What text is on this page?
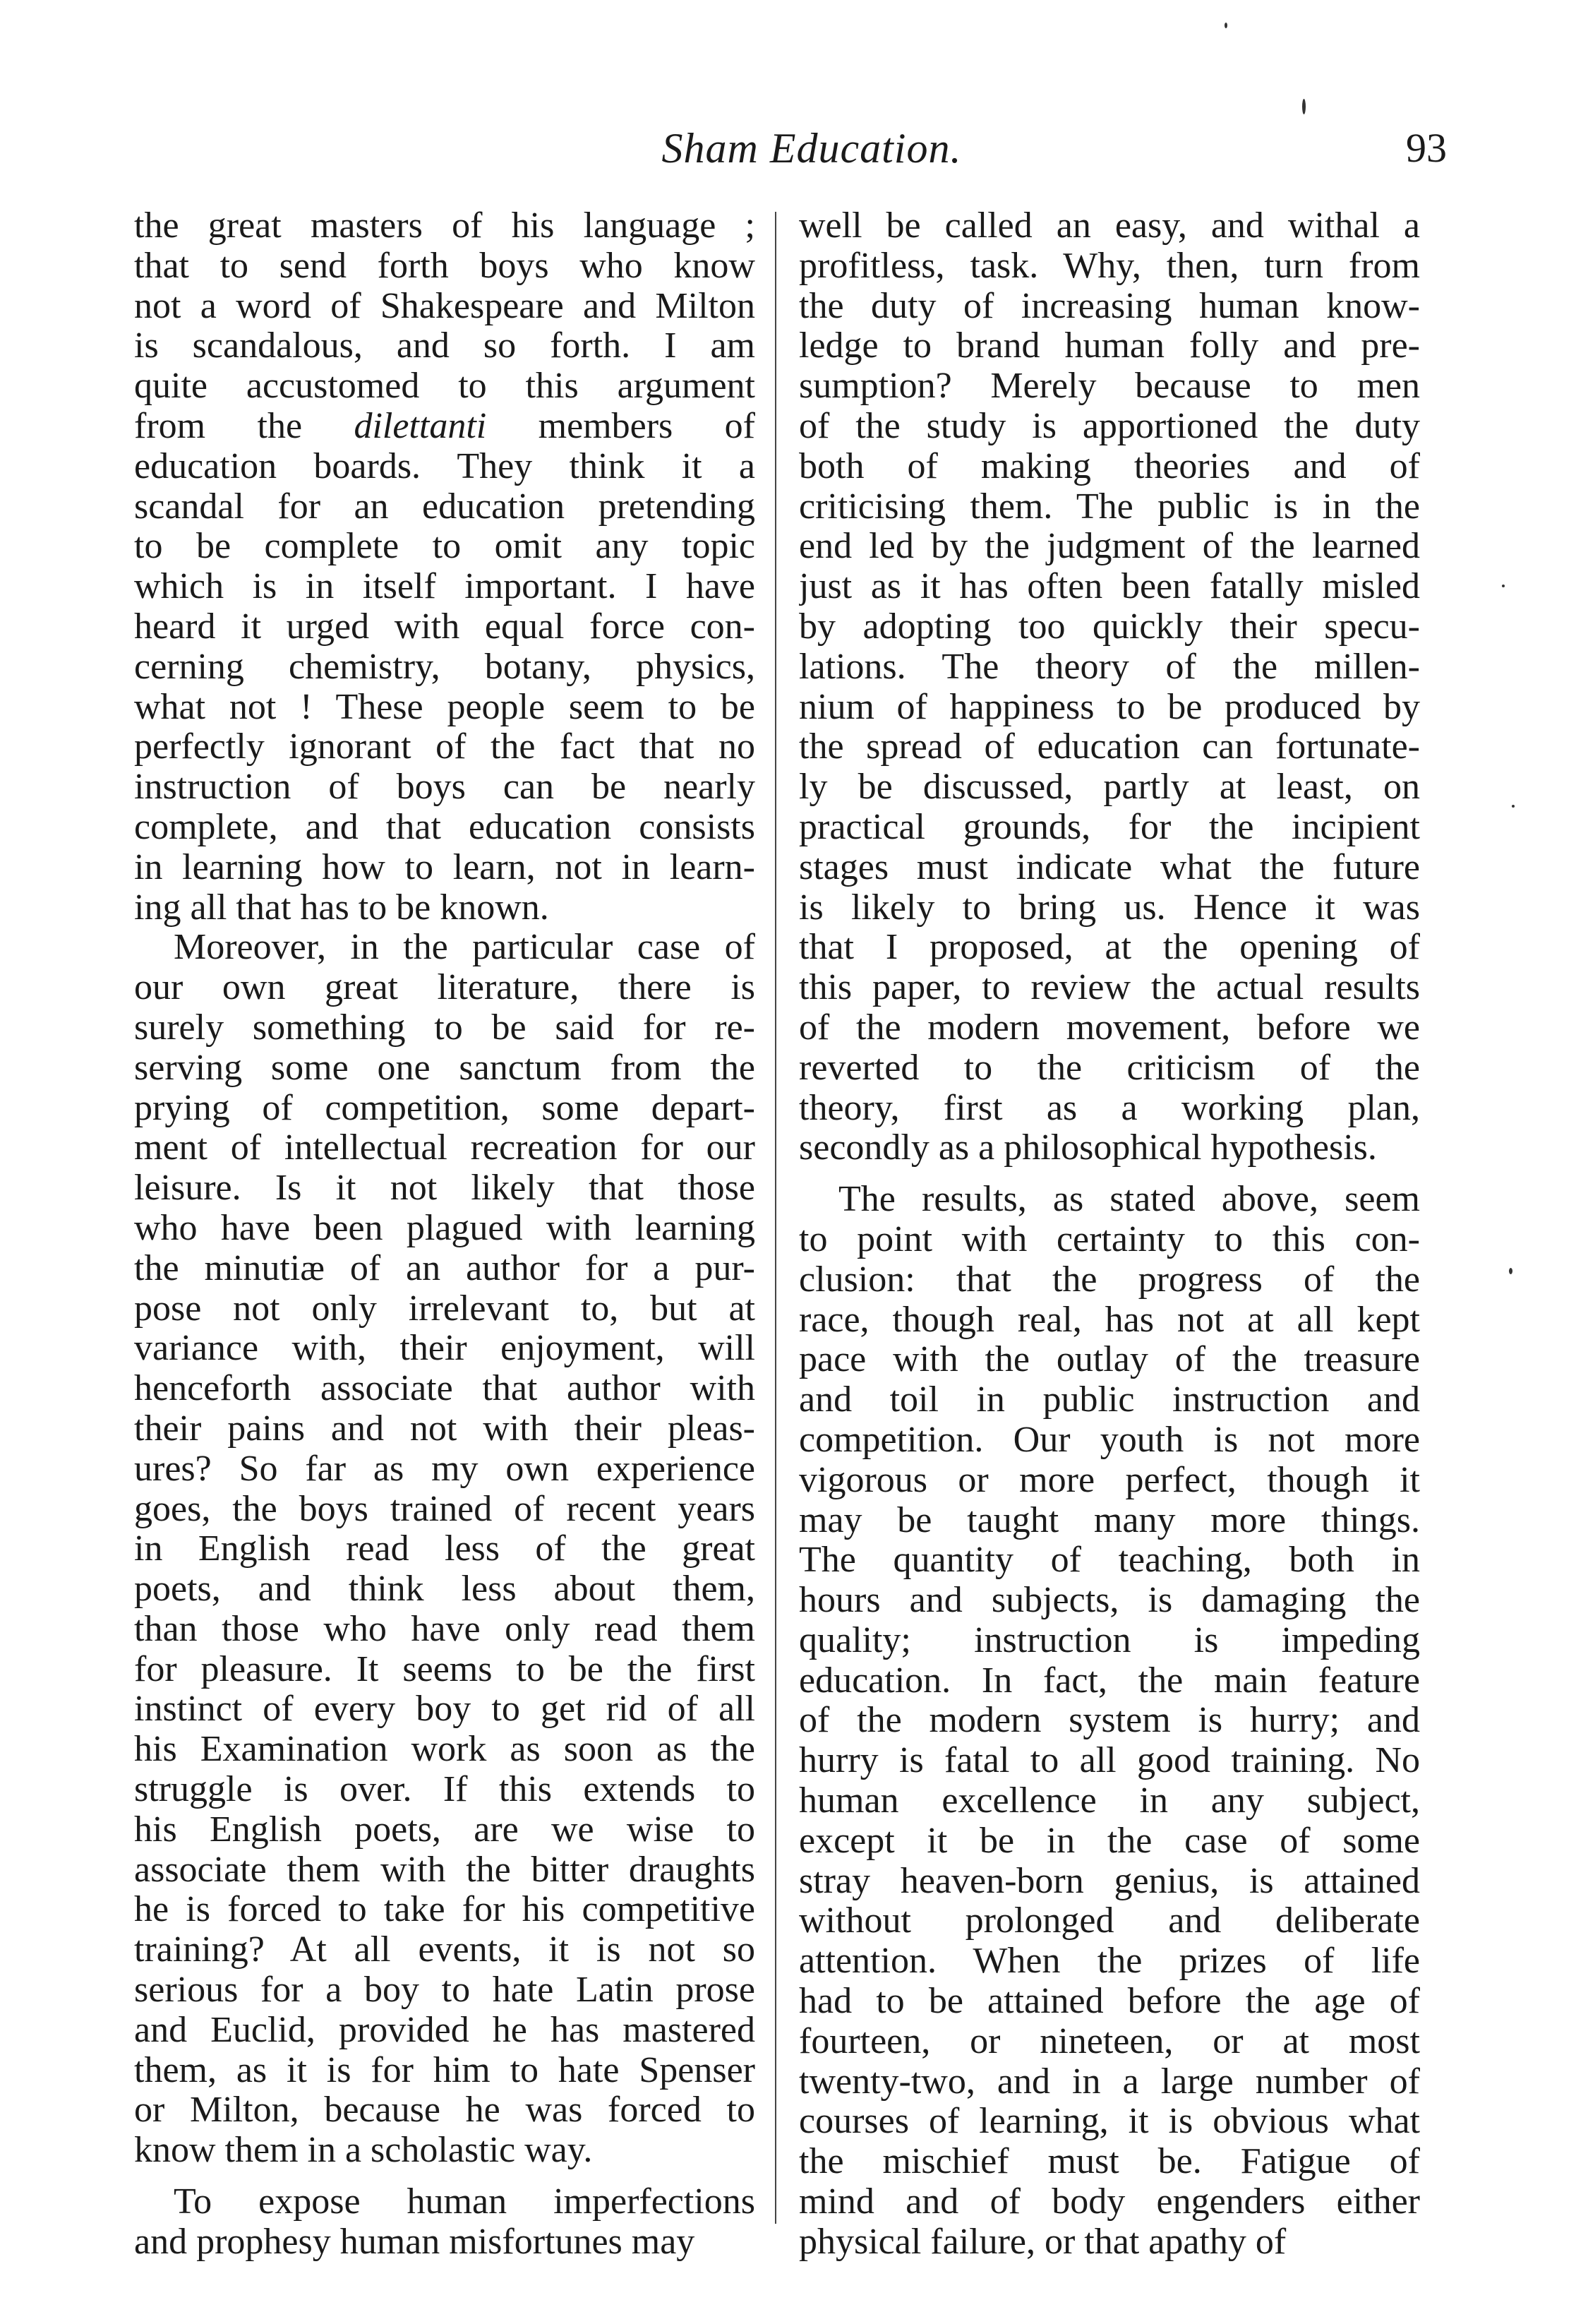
Sham Education.	93
the great masters of his language ;
that to send forth boys who know
not a word of Shakespeare and Milton
is scandalous, and so forth. I am
quite accustomed to this argument
from the dilettanti members of
education boards. They think it a
scandal for an education pretending
to be complete to omit any topic
which is in itself important. I have
heard it urged with equal force con-
cerning chemistry, botany, physics,
what not ! These people seem to be
perfectly ignorant of the fact that no
instruction of boys can be nearly
complete, and that education consists
in learning how to learn, not in learn-
ing all that has to be known.
Moreover, in the particular case of
our own great literature, there is
surely something to be said for re-
serving some one sanctum from the
prying of competition, some depart-
ment of intellectual recreation for our
leisure. Is it not likely that those
who have been plagued with learning
the minutiæ of an author for a pur-
pose not only irrelevant to, but at
variance with, their enjoyment, will
henceforth associate that author with
their pains and not with their pleas-
ures? So far as my own experience
goes, the boys trained of recent years
in English read less of the great
poets, and think less about them,
than those who have only read them
for pleasure. It seems to be the first
instinct of every boy to get rid of all
his Examination work as soon as the
struggle is over. If this extends to
his English poets, are we wise to
associate them with the bitter draughts
he is forced to take for his competitive
training? At all events, it is not so
serious for a boy to hate Latin prose
and Euclid, provided he has mastered
them, as it is for him to hate Spenser
or Milton, because he was forced to
know them in a scholastic way.
To expose human imperfections
and prophesy human misfortunes may
well be called an easy, and withal a
profitless, task. Why, then, turn from
the duty of increasing human know-
ledge to brand human folly and pre-
sumption? Merely because to men
of the study is apportioned the duty
both of making theories and of
criticising them. The public is in the
end led by the judgment of the learned
just as it has often been fatally misled
by adopting too quickly their specu-
lations. The theory of the millen-
nium of happiness to be produced by
the spread of education can fortunate-
ly be discussed, partly at least, on
practical grounds, for the incipient
stages must indicate what the future
is likely to bring us. Hence it was
that I proposed, at the opening of
this paper, to review the actual results
of the modern movement, before we
reverted to the criticism of the
theory, first as a working plan,
secondly as a philosophical hypothesis.
The results, as stated above, seem
to point with certainty to this con-
clusion: that the progress of the
race, though real, has not at all kept
pace with the outlay of the treasure
and toil in public instruction and
competition. Our youth is not more
vigorous or more perfect, though it
may be taught many more things.
The quantity of teaching, both in
hours and subjects, is damaging the
quality; instruction is impeding
education. In fact, the main feature
of the modern system is hurry; and
hurry is fatal to all good training. No
human excellence in any subject,
except it be in the case of some
stray heaven-born genius, is attained
without prolonged and deliberate
attention. When the prizes of life
had to be attained before the age of
fourteen, or nineteen, or at most
twenty-two, and in a large number of
courses of learning, it is obvious what
the mischief must be. Fatigue of
mind and of body engenders either
physical failure, or that apathy of
